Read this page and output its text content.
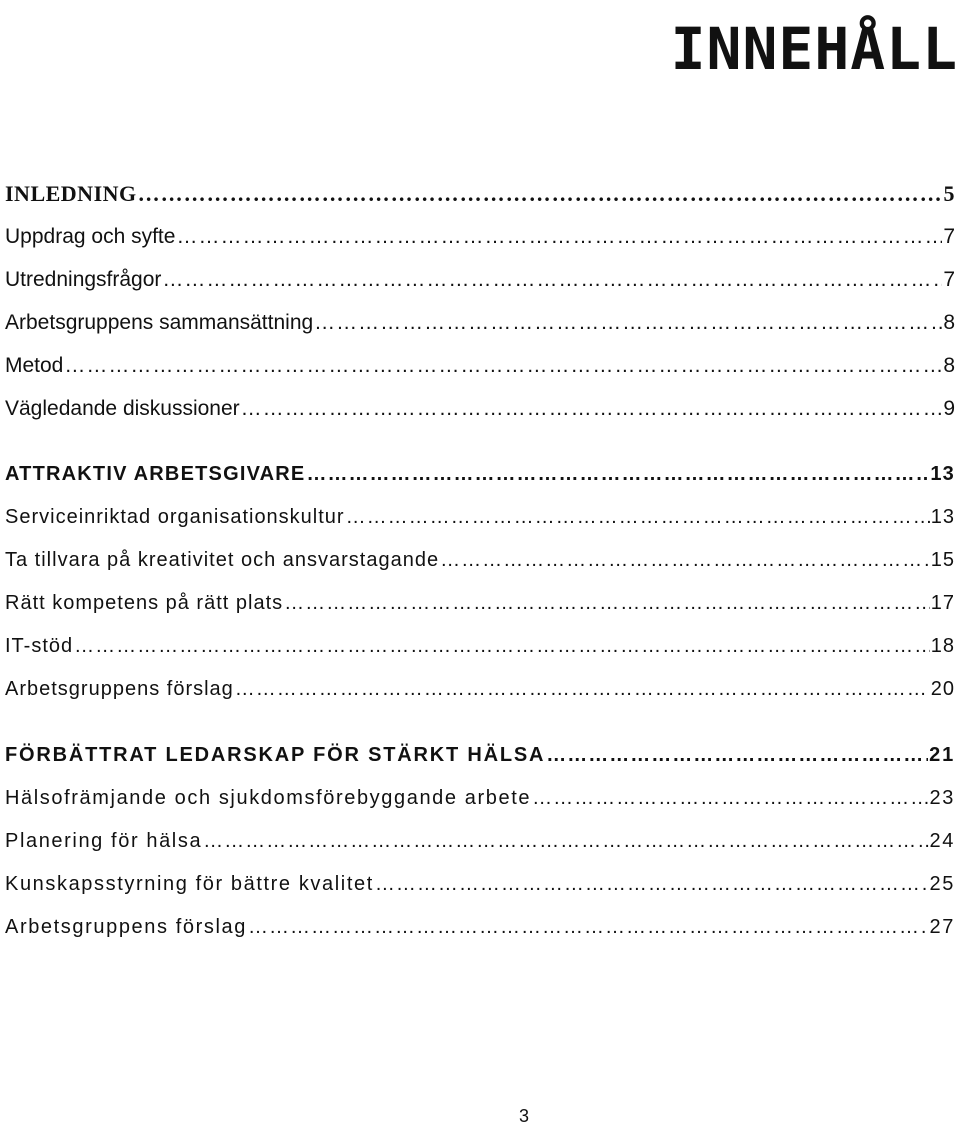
INNEHÅLL
INLEDNING ……………………………………………………………………………………………………………………………………………………………………………………………………………	5
Uppdrag och syfte ……………………………………………………………………………………………………………………………………………………………………………………………………………	7
Utredningsfrågor ……………………………………………………………………………………………………………………………………………………………………………………………………………	7
Arbetsgruppens sammansättning ……………………………………………………………………………………………………………………………………………………………………………………………………………	8
Metod ……………………………………………………………………………………………………………………………………………………………………………………………………………	8
Vägledande diskussioner ……………………………………………………………………………………………………………………………………………………………………………………………………………	9
ATTRAKTIV ARBETSGIVARE ……………………………………………………………………………………………………………………………………………………………………………………………………………	13
Serviceinriktad organisationskultur ……………………………………………………………………………………………………………………………………………………………………………………………………………	13
Ta tillvara på kreativitet och ansvarstagande ……………………………………………………………………………………………………………………………………………………………………………………………………………	15
Rätt kompetens på rätt plats ……………………………………………………………………………………………………………………………………………………………………………………………………………	17
IT-stöd ……………………………………………………………………………………………………………………………………………………………………………………………………………	18
Arbetsgruppens förslag ……………………………………………………………………………………………………………………………………………………………………………………………………………	20
FÖRBÄTTRAT LEDARSKAP FÖR STÄRKT HÄLSA ……………………………………………………………………………………………………………………………………………………………………………………………………………	21
Hälsofrämjande och sjukdomsförebyggande arbete ……………………………………………………………………………………………………………………………………………………………………………………………………………	23
Planering för hälsa ……………………………………………………………………………………………………………………………………………………………………………………………………………	24
Kunskapsstyrning för bättre kvalitet ……………………………………………………………………………………………………………………………………………………………………………………………………………	25
Arbetsgruppens förslag ……………………………………………………………………………………………………………………………………………………………………………………………………………	27
3
